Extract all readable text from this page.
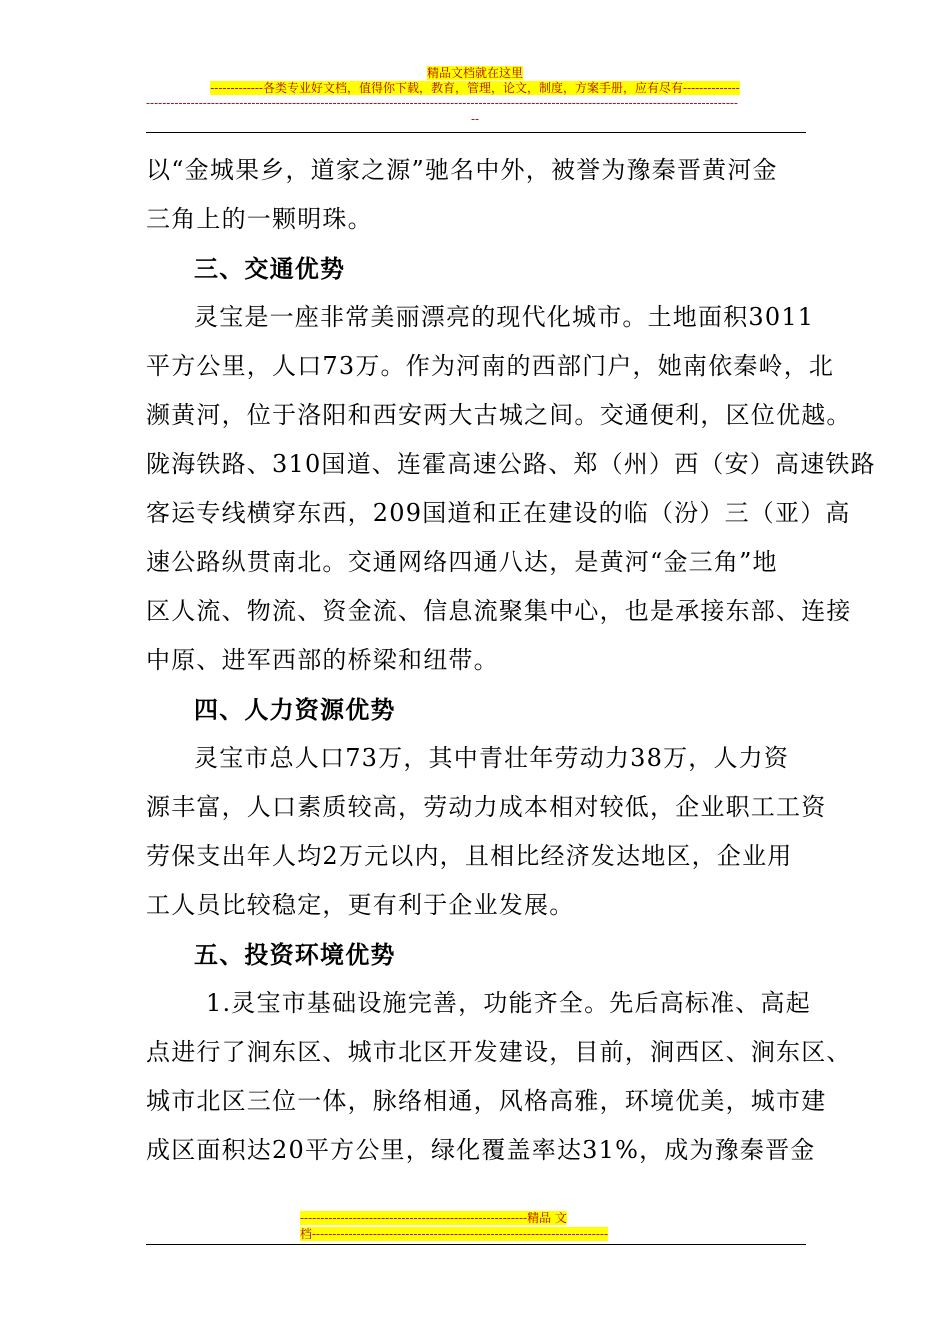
精品文档就在这里
-------------各类专业好文档，值得你下载，教育，管理，论文，制度，方案手册，应有尽有--------------
--------------------------------------------------------------------------------------------------------------------------------------------------
--

以“金城果乡，道家之源”驰名中外，被誉为豫秦晋黄河金

三角上的一颗明珠。

三、交通优势

灵宝是一座非常美丽漂亮的现代化城市。土地面积3011

平方公里，人口73万。作为河南的西部门户，她南依秦岭，北

濒黄河，位于洛阳和西安两大古城之间。交通便利，区位优越。

陇海铁路、310国道、连霍高速公路、郑（州）西（安）高速铁路

客运专线横穿东西，209国道和正在建设的临（汾）三（亚）高

速公路纵贯南北。交通网络四通八达，是黄河“金三角”地

区人流、物流、资金流、信息流聚集中心，也是承接东部、连接

中原、进军西部的桥梁和纽带。

四、人力资源优势

灵宝市总人口73万，其中青壮年劳动力38万，人力资

源丰富，人口素质较高，劳动力成本相对较低，企业职工工资

劳保支出年人均2万元以内，且相比经济发达地区，企业用

工人员比较稳定，更有利于企业发展。

五、投资环境优势

1.灵宝市基础设施完善，功能齐全。先后高标准、高起

点进行了涧东区、城市北区开发建设，目前，涧西区、涧东区、

城市北区三位一体，脉络相通，风格高雅，环境优美，城市建

成区面积达20平方公里，绿化覆盖率达31%，成为豫秦晋金

--------------------------------------------------------精品 文
档-------------------------------------------------------------------------
